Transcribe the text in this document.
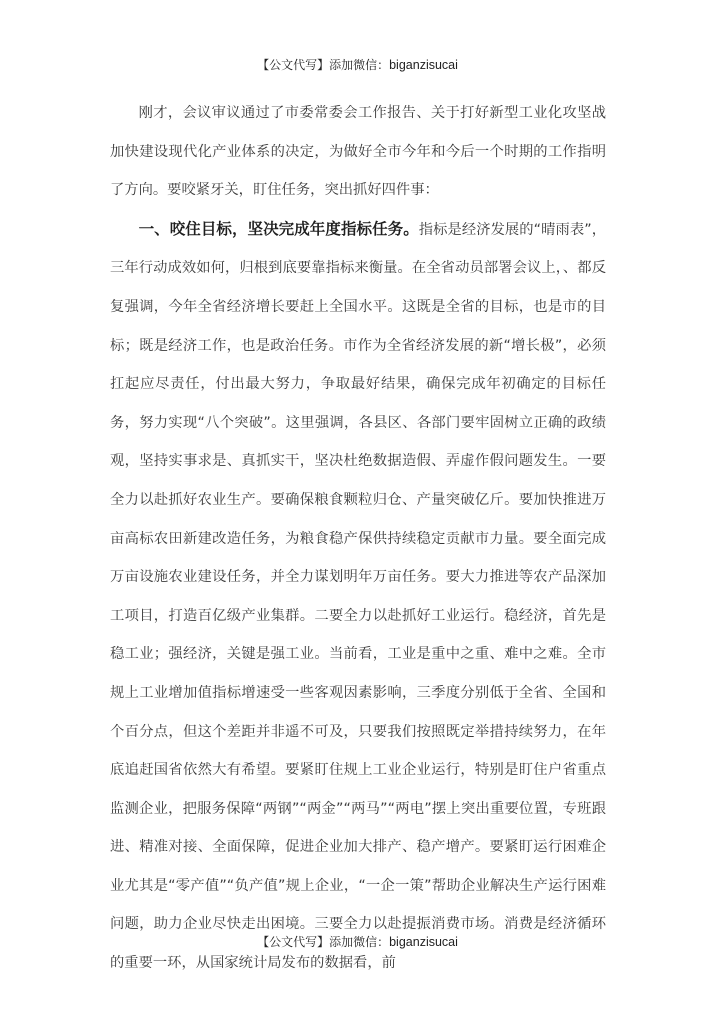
【公文代写】添加微信：biganzisucai

刚才，会议审议通过了市委常委会工作报告、关于打好新型工业化攻坚战加快建设现代化产业体系的决定，为做好全市今年和今后一个时期的工作指明了方向。要咬紧牙关，盯住任务，突出抓好四件事：

一、咬住目标，坚决完成年度指标任务。指标是经济发展的“晴雨表”，三年行动成效如何，归根到底要靠指标来衡量。在全省动员部署会议上，、都反复强调，今年全省经济增长要赶上全国水平。这既是全省的目标，也是市的目标；既是经济工作，也是政治任务。市作为全省经济发展的新“增长极”，必须扛起应尽责任，付出最大努力，争取最好结果，确保完成年初确定的目标任务，努力实现“八个突破”。这里强调，各县区、各部门要牢固树立正确的政绩观，坚持实事求是、真抓实干，坚决杜绝数据造假、弄虚作假问题发生。一要全力以赴抓好农业生产。要确保粮食颗粒归仓、产量突破亿斤。要加快推进万亩高标农田新建改造任务，为粮食稳产保供持续稳定贡献市力量。要全面完成万亩设施农业建设任务，并全力谋划明年万亩任务。要大力推进等农产品深加工项目，打造百亿级产业集群。二要全力以赴抓好工业运行。稳经济，首先是稳工业；强经济，关键是强工业。当前看，工业是重中之重、难中之难。全市规上工业增加值指标增速受一些客观因素影响，三季度分别低于全省、全国和个百分点，但这个差距并非遥不可及，只要我们按照既定举措持续努力，在年底追赶国省依然大有希望。要紧盯住规上工业企业运行，特别是盯住户省重点监测企业，把服务保障“两钢”“两金”“两马”“两电”摆上突出重要位置，专班跟进、精准对接、全面保障，促进企业加大排产、稳产增产。要紧盯运行困难企业尤其是“零产值”“负产值”规上企业，“一企一策”帮助企业解决生产运行困难问题，助力企业尽快走出困境。三要全力以赴提振消费市场。消费是经济循环的重要一环，从国家统计局发布的数据看，前

【公文代写】添加微信：biganzisucai
